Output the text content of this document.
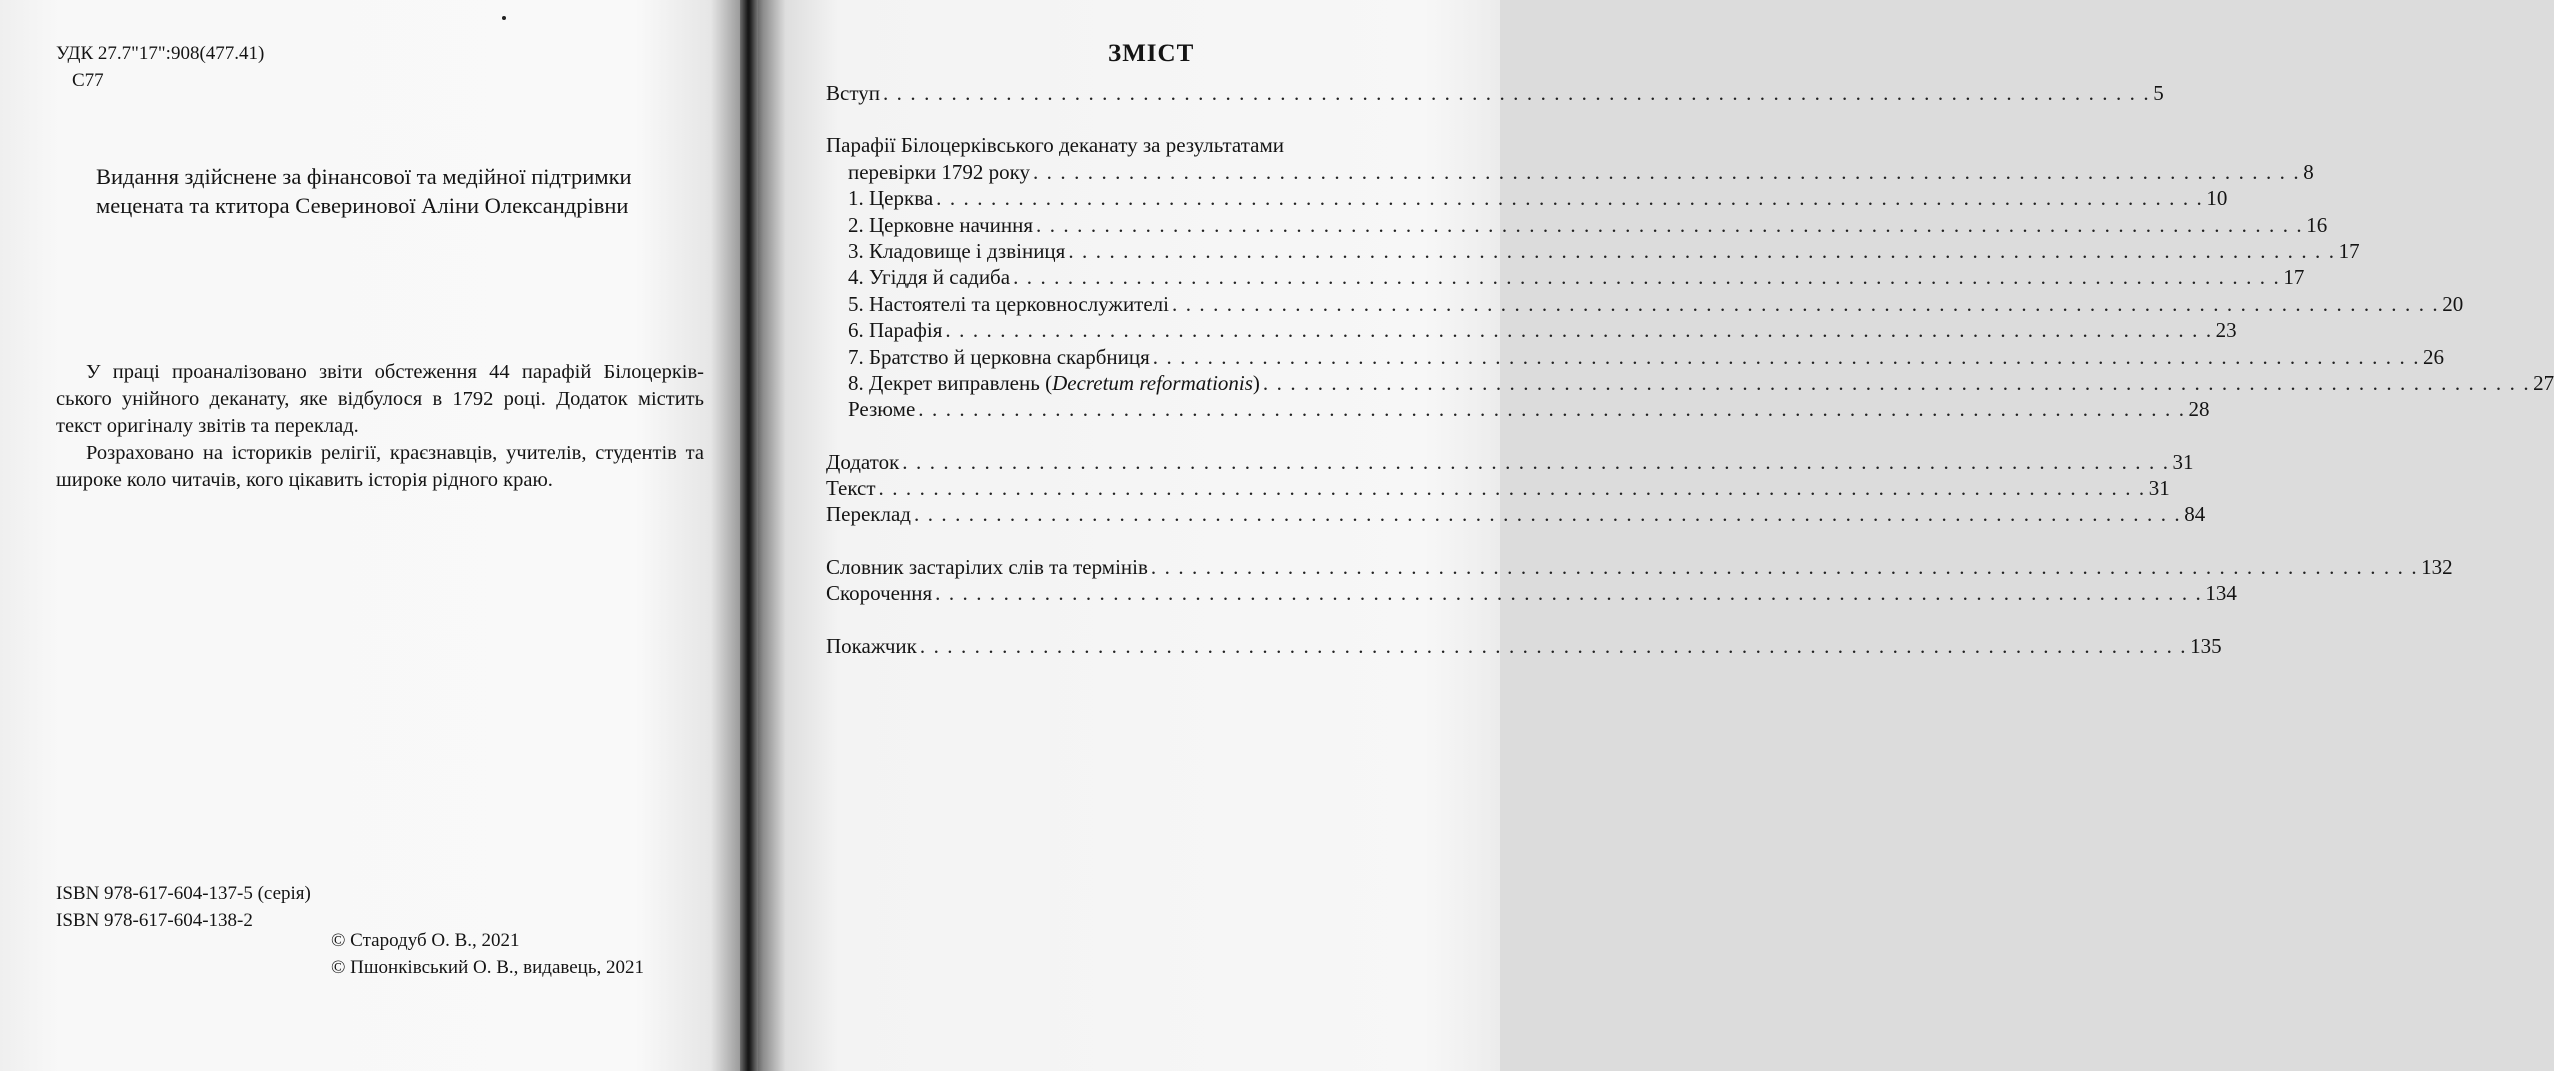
УДК 27.7"17":908(477.41)
С77
Видання здійснене за фінансової та медійної підтримки
мецената та ктитора Северинової Аліни Олександрівни

У праці проаналізовано звіти обстеження 44 парафій Білоцерків-ського унійного деканату, яке відбулося в 1792 році. Додаток містить текст оригіналу звітів та переклад.

Розраховано на істориків релігії, краєзнавців, учителів, студентів та широке коло читачів, кого цікавить історія рідного краю.

ISBN 978-617-604-137-5 (серія)
ISBN 978-617-604-138-2
© Стародуб О. В., 2021
© Пшонківський О. В., видавець, 2021
ЗМІСТ
Вступ . . . . . . . . . . . . . . . . . . . . . . . . . . . . . . . . . . . . . . . . . . . . . . . . . . . . . . . . . . . . . . . . . . . . . . . . . . . . . . . . . . . . . . . . . . . . . 5
Парафії Білоцерківського деканату за результатами
перевірки 1792 року . . . . . . . . . . . . . . . . . . . . . . . . . . . . . . . . . . . . . . . . . . . . . . . . . . . . . . . . . . . . . . . . . . . . . . . . . . . . . . . . . . . . . . . . . . . . . 8
1. Церква . . . . . . . . . . . . . . . . . . . . . . . . . . . . . . . . . . . . . . . . . . . . . . . . . . . . . . . . . . . . . . . . . . . . . . . . . . . . . . . . . . . . . . . . . . . . . 10
2. Церковне начиння . . . . . . . . . . . . . . . . . . . . . . . . . . . . . . . . . . . . . . . . . . . . . . . . . . . . . . . . . . . . . . . . . . . . . . . . . . . . . . . . . . . . . . . . . . . . . 16
3. Кладовище і дзвіниця . . . . . . . . . . . . . . . . . . . . . . . . . . . . . . . . . . . . . . . . . . . . . . . . . . . . . . . . . . . . . . . . . . . . . . . . . . . . . . . . . . . . . . . . . . . . . 17
4. Угіддя й садиба . . . . . . . . . . . . . . . . . . . . . . . . . . . . . . . . . . . . . . . . . . . . . . . . . . . . . . . . . . . . . . . . . . . . . . . . . . . . . . . . . . . . . . . . . . . . . 17
5. Настоятелі та церковнослужителі . . . . . . . . . . . . . . . . . . . . . . . . . . . . . . . . . . . . . . . . . . . . . . . . . . . . . . . . . . . . . . . . . . . . . . . . . . . . . . . . . . . . . . . . . . . . . 20
6. Парафія . . . . . . . . . . . . . . . . . . . . . . . . . . . . . . . . . . . . . . . . . . . . . . . . . . . . . . . . . . . . . . . . . . . . . . . . . . . . . . . . . . . . . . . . . . . . . 23
7. Братство й церковна скарбниця . . . . . . . . . . . . . . . . . . . . . . . . . . . . . . . . . . . . . . . . . . . . . . . . . . . . . . . . . . . . . . . . . . . . . . . . . . . . . . . . . . . . . . . . . . . . . 26
8. Декрет виправлень (Decretum reformationis) . . . . . . . . . . . . . . . . . . . . . . . . . . . . . . . . . . . . . . . . . . . . . . . . . . . . . . . . . . . . . . . . . . . . . . . . . . . . . . . . . . . . . . . . . . . . . 27
Резюме . . . . . . . . . . . . . . . . . . . . . . . . . . . . . . . . . . . . . . . . . . . . . . . . . . . . . . . . . . . . . . . . . . . . . . . . . . . . . . . . . . . . . . . . . . . . . 28
Додаток . . . . . . . . . . . . . . . . . . . . . . . . . . . . . . . . . . . . . . . . . . . . . . . . . . . . . . . . . . . . . . . . . . . . . . . . . . . . . . . . . . . . . . . . . . . . . 31
Текст . . . . . . . . . . . . . . . . . . . . . . . . . . . . . . . . . . . . . . . . . . . . . . . . . . . . . . . . . . . . . . . . . . . . . . . . . . . . . . . . . . . . . . . . . . . . . 31
Переклад . . . . . . . . . . . . . . . . . . . . . . . . . . . . . . . . . . . . . . . . . . . . . . . . . . . . . . . . . . . . . . . . . . . . . . . . . . . . . . . . . . . . . . . . . . . . . 84
Словник застарілих слів та термінів . . . . . . . . . . . . . . . . . . . . . . . . . . . . . . . . . . . . . . . . . . . . . . . . . . . . . . . . . . . . . . . . . . . . . . . . . . . . . . . . . . . . . . . . . . . . . 132
Скорочення . . . . . . . . . . . . . . . . . . . . . . . . . . . . . . . . . . . . . . . . . . . . . . . . . . . . . . . . . . . . . . . . . . . . . . . . . . . . . . . . . . . . . . . . . . . . . 134
Покажчик . . . . . . . . . . . . . . . . . . . . . . . . . . . . . . . . . . . . . . . . . . . . . . . . . . . . . . . . . . . . . . . . . . . . . . . . . . . . . . . . . . . . . . . . . . . . . 135
